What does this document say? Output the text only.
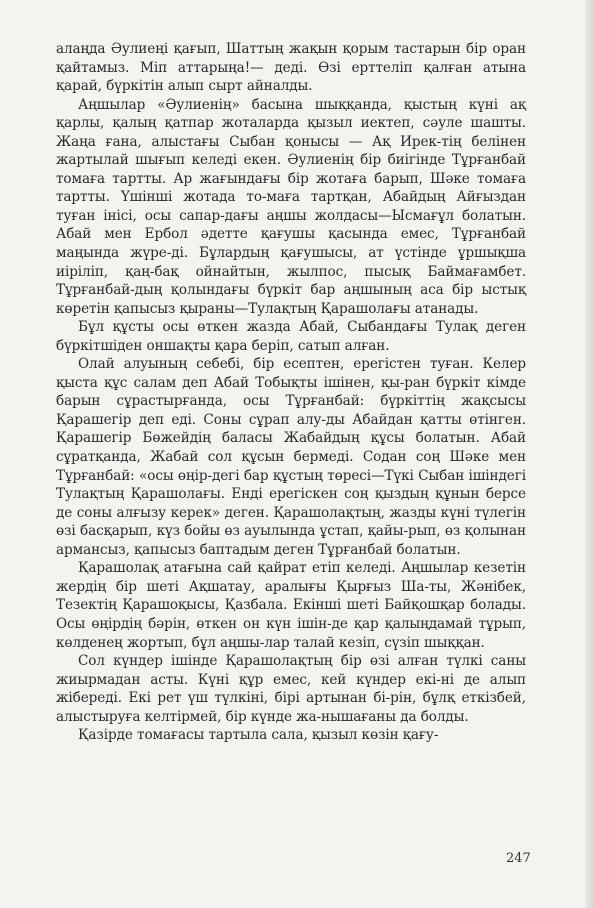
алаңда Әулиеңі қағып, Шаттың жақын қорым тастарын бір оран қайтамыз. Міп аттарыңа!— деді. Өзі ерттеліп қалған атына қарай, бүркітін алып сырт айналды.

Аңшылар «Әулиенің» басына шыққанда, қыстың күні ақ қарлы, қалың қатпар жоталарда қызыл иектеп, сәуле шашты. Жаңа ғана, алыстағы Сыбан қонысы — Ақ Ирек-тің белінен жартылай шығып келеді екен. Әулиенің бір биігінде Тұрғанбай томаға тартты. Ар жағындағы бір жотаға барып, Шәке томаға тартты. Үшінші жотада то-маға тартқан, Абайдың Айғыздан туған інісі, осы сапар-дағы аңшы жолдасы—Ысмағұл болатын. Абай мен Ербол әдетте қағушы қасында емес, Тұрғанбай маңында жүре-ді. Бұлардың қағушысы, ат үстінде ұршықша иіріліп, қаң-бақ ойнайтын, жылпос, пысық Баймағамбет. Тұрғанбай-дың қолындағы бүркіт бар аңшының аса бір ыстық көретін қапысыз қыраны—Тулақтың Қарашолағы атанады.

Бұл құсты осы өткен жазда Абай, Сыбандағы Тулақ деген бүркітшіден оншақты қара беріп, сатып алған.

Олай алуының себебі, бір есептен, ерегістен туған. Келер қыста құс салам деп Абай Тобықты ішінен, қы-ран бүркіт кімде барын сұрастырғанда, осы Тұрғанбай: бүркіттің жақсысы Қарашегір деп еді. Соны сұрап алу-ды Абайдан қатты өтінген. Қарашегір Бөжейдің баласы Жабайдың құсы болатын. Абай сұратқанда, Жабай сол құсын бермеді. Содан соң Шәке мен Тұрғанбай: «осы өңір-дегі бар құстың төресі—Түкі Сыбан ішіндегі Тулақтың Қарашолағы. Енді ерегіскен соң қыздың құнын берсе де соны алғызу керек» деген. Қарашолақтың, жазды күні түлегін өзі басқарып, күз бойы өз ауылында ұстап, қайы-рып, өз қолынан армансыз, қапысыз баптадым деген Тұрғанбай болатын.

Қарашолақ атағына сай қайрат етіп келеді. Аңшылар кезетін жердің бір шеті Ақшатау, аралығы Қырғыз Ша-ты, Жәнібек, Тезектің Қарашоқысы, Қазбала. Екінші шеті Байқошқар болады. Осы өңірдің бәрін, өткен он күн ішін-де қар қалыңдамай тұрып, көлденең жортып, бұл аңшы-лар талай кезіп, сүзіп шыққан.

Сол күндер ішінде Қарашолақтың бір өзі алған түлкі саны жиырмадан асты. Күні құр емес, кей күндер екі-ні де алып жібереді. Екі рет үш түлкіні, бірі артынан бі-рін, бұлқ еткізбей, алыстыруға келтірмей, бір күнде жа-нышағаны да болды.

Қазірде томағасы тартыла сала, қызыл көзін қағу-

247
